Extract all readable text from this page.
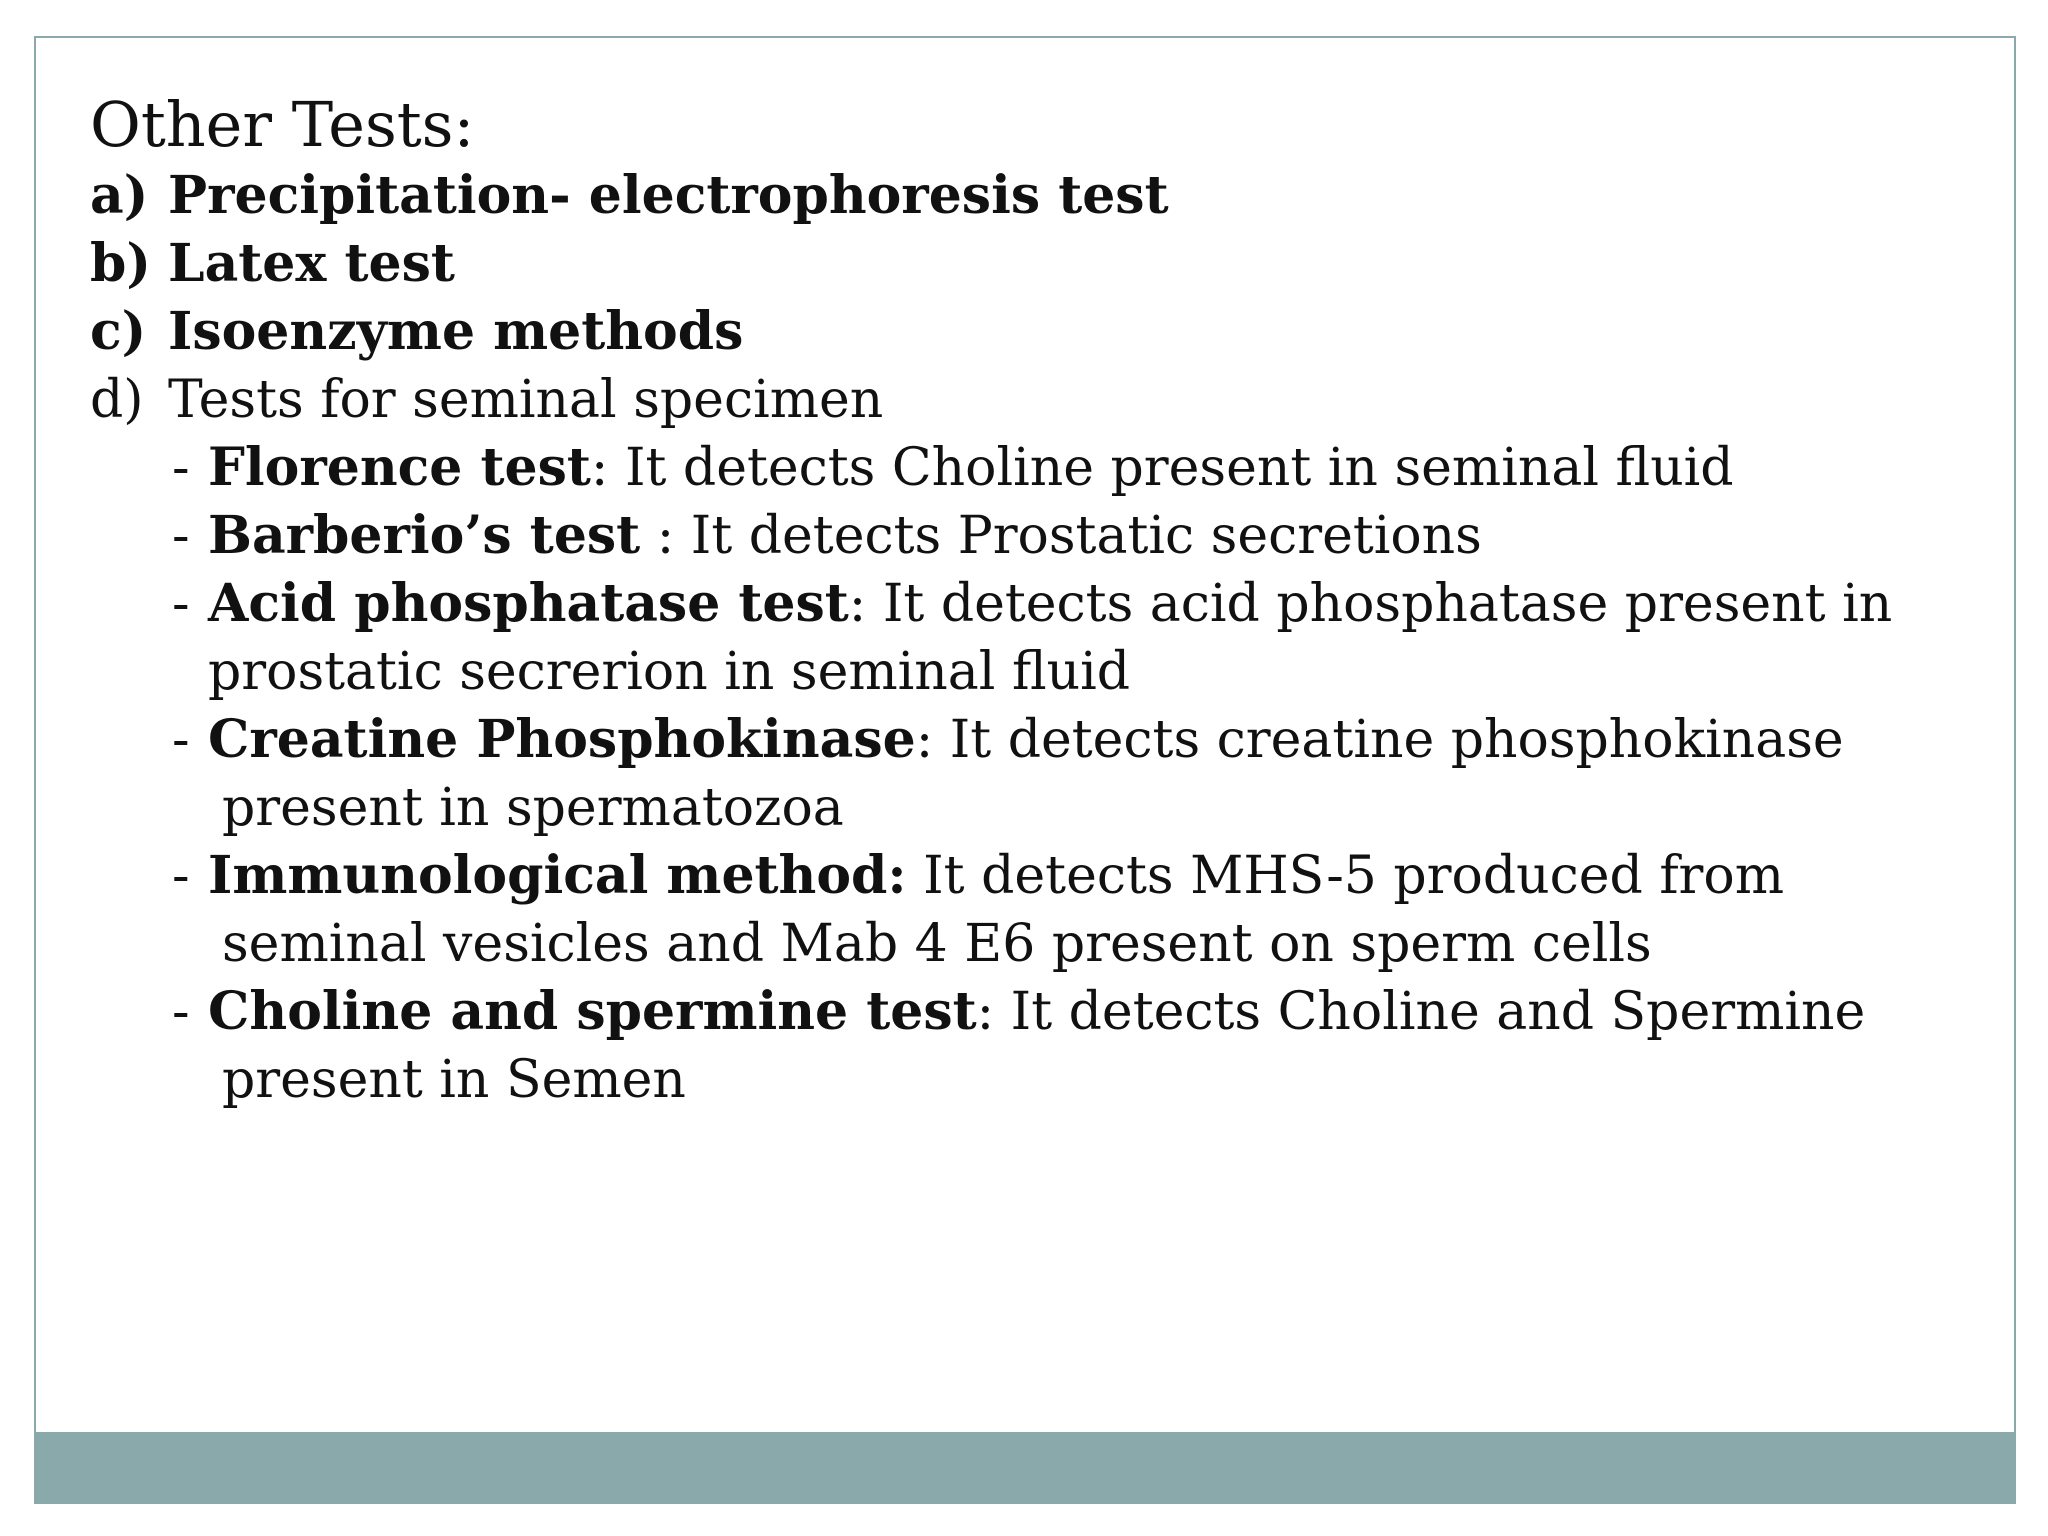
Other Tests:

a) Precipitation- electrophoresis test

b) Latex test

c) Isoenzyme methods

d) Tests for seminal specimen

- Florence test: It detects Choline present in seminal fluid
- Barberio’s test : It detects Prostatic secretions
- Acid phosphatase test: It detects acid phosphatase present in
prostatic secrerion in seminal fluid
- Creatine Phosphokinase: It detects creatine phosphokinase
present in spermatozoa
- Immunological method: It detects MHS-5 produced from
seminal vesicles and Mab 4 E6 present on sperm cells
- Choline and spermine test: It detects Choline and Spermine
present in Semen
